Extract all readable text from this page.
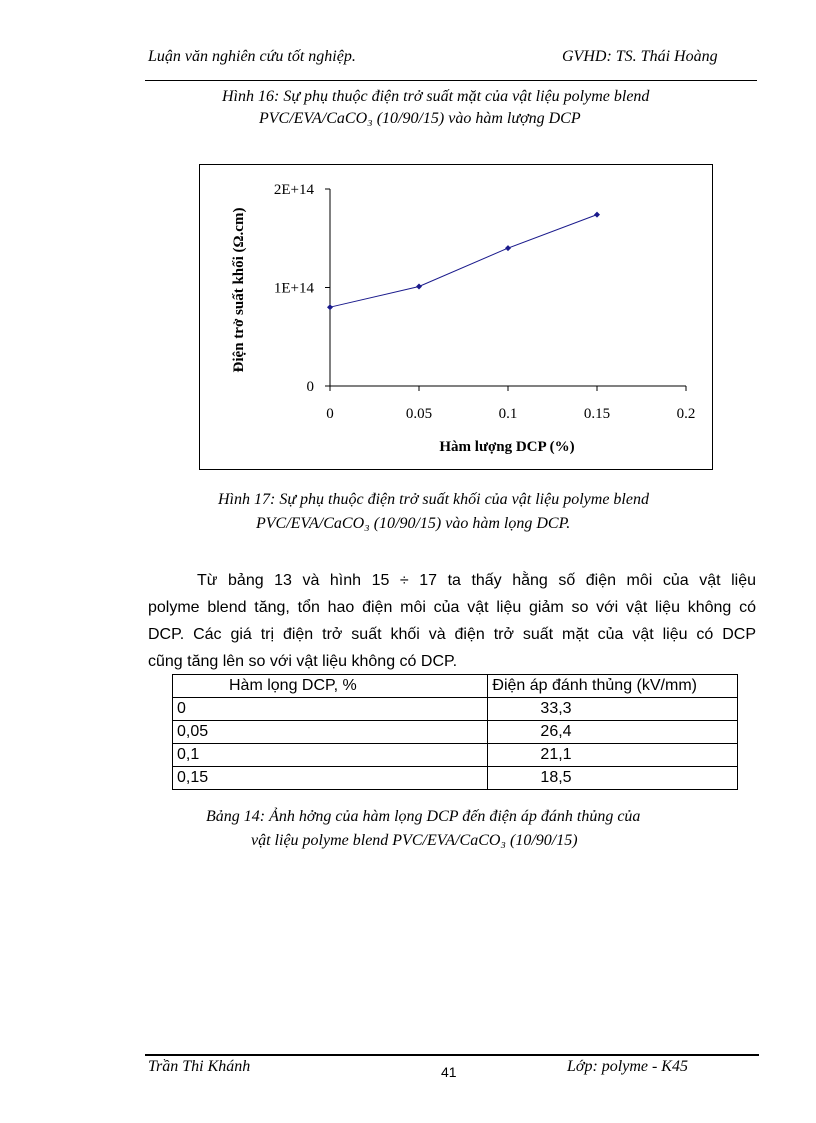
Luận văn nghiên cứu tốt nghiệp.	GVHD: TS. Thái Hoàng
Hình 16: Sự phụ thuộc điện trở suất mặt của vật liệu polyme blend
PVC/EVA/CaCO₃ (10/90/15) vào hàm lượng DCP
0	0.05	0.1	0.15	0.2
0
1E+14
2E+14
Điện trở suất khối (Ω.cm)
Hàm lượng DCP (%)
Hình 17: Sự phụ thuộc điện trở suất khối của vật liệu polyme blend
PVC/EVA/CaCO₃ (10/90/15) vào hàm lọng DCP.
Từ bảng 13 và hình 15 ÷ 17 ta thấy hằng số điện môi của vật liệu
polyme blend tăng, tổn hao điện môi của vật liệu giảm so với vật liệu không có
DCP. Các giá trị điện trở suất khối và điện trở suất mặt của vật liệu có DCP
cũng tăng lên so với vật liệu không có DCP.
Hàm lọng DCP, %	Điện áp đánh thủng (kV/mm)
0	33,3
0,05	26,4
0,1	21,1
0,15	18,5
Bảng 14: Ảnh hởng của hàm lọng DCP đến điện áp đánh thủng của
vật liệu polyme blend PVC/EVA/CaCO₃ (10/90/15)
Trần Thi Khánh	41	Lớp: polyme - K45
